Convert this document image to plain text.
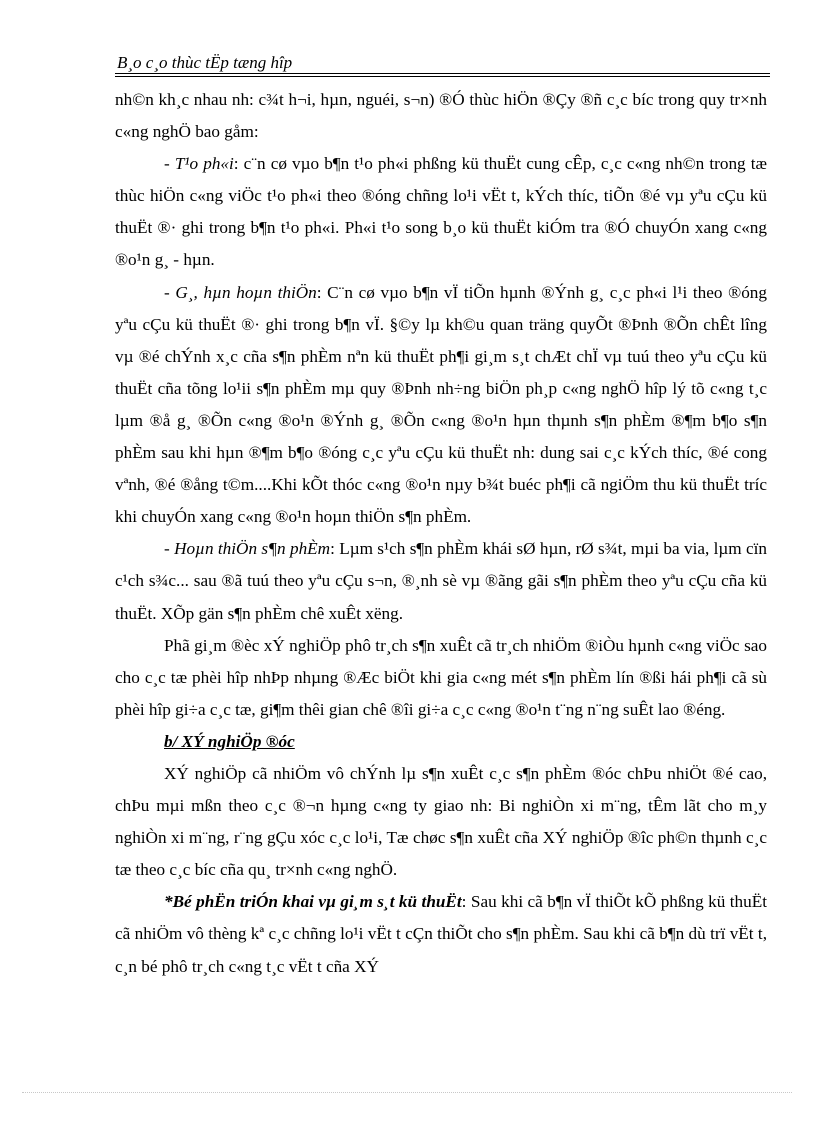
B¸o c¸o thùc tËp tæng hîp

nh©n kh¸c nhau nh: c¾t h¬i, hµn, nguéi, s¬n) ®Ó thùc hiÖn ®Çy ®ñ c¸c bíc trong quy tr×nh c«ng nghÖ bao gåm:

- T¹o ph«i: c¨n cø vµo b¶n t¹o ph«i phßng kü thuËt cung cÊp, c¸c c«ng nh©n trong tæ thùc hiÖn c«ng viÖc t¹o ph«i theo ®óng chñng lo¹i vËt t, kÝch thíc, tiÕn ®é vµ yªu cÇu kü thuËt ®· ghi trong b¶n t¹o ph«i. Ph«i t¹o song b¸o kü thuËt kiÓm tra ®Ó chuyÓn xang c«ng ®o¹n g¸ - hµn.

- G¸, hµn hoµn thiÖn: C¨n cø vµo b¶n vÏ tiÕn hµnh ®Ýnh g¸ c¸c ph«i l¹i theo ®óng yªu cÇu kü thuËt ®· ghi trong b¶n vÏ. §©y lµ kh©u quan träng quyÕt ®Þnh ®Õn chÊt lîng vµ ®é chÝnh x¸c cña s¶n phÈm nªn kü thuËt ph¶i gi¸m s¸t chÆt chÏ vµ tuú theo yªu cÇu kü thuËt cña tõng lo¹ii s¶n phÈm mµ quy ®Þnh nh÷ng biÖn ph¸p c«ng nghÖ hîp lý tõ c«ng t¸c lµm ®å g¸ ®Õn c«ng ®o¹n ®Ýnh g¸ ®Õn c«ng ®o¹n hµn thµnh s¶n phÈm ®¶m b¶o s¶n phÈm sau khi hµn ®¶m b¶o ®óng c¸c yªu cÇu kü thuËt nh: dung sai c¸c kÝch thíc, ®é cong vªnh, ®é ®ång t©m....Khi kÕt thóc c«ng ®o¹n nµy b¾t buéc ph¶i cã ngiÖm thu kü thuËt tríc khi chuyÓn xang c«ng ®o¹n hoµn thiÖn s¶n phÈm.

- Hoµn thiÖn s¶n phÈm: Lµm s¹ch s¶n phÈm khái sØ hµn, rØ s¾t, mµi ba via, lµm cïn c¹ch s¾c... sau ®ã tuú theo yªu cÇu s¬n, ®¸nh sè vµ ®ãng gãi s¶n phÈm theo yªu cÇu cña kü thuËt. XÕp gän s¶n phÈm chê xuÊt xëng.

Phã gi¸m ®èc xÝ nghiÖp phô tr¸ch s¶n xuÊt cã tr¸ch nhiÖm ®iÒu hµnh c«ng viÖc sao cho c¸c tæ phèi hîp nhÞp nhµng ®Æc biÖt khi gia c«ng mét s¶n phÈm lín ®ßi hái ph¶i cã sù phèi hîp gi÷a c¸c tæ, gi¶m thêi gian chê ®îi gi÷a c¸c c«ng ®o¹n t¨ng n¨ng suÊt lao ®éng.

b/ XÝ nghiÖp ®óc

XÝ nghiÖp cã nhiÖm vô chÝnh lµ s¶n xuÊt c¸c s¶n phÈm ®óc chÞu nhiÖt ®é cao, chÞu mµi mßn theo c¸c ®¬n hµng c«ng ty giao nh: Bi nghiÒn xi m¨ng, tÊm lãt cho m¸y nghiÒn xi m¨ng, r¨ng gÇu xóc c¸c lo¹i, Tæ chøc s¶n xuÊt cña XÝ nghiÖp ®îc ph©n thµnh c¸c tæ theo c¸c bíc cña qu¸ tr×nh c«ng nghÖ.

*Bé phËn triÓn khai vµ gi¸m s¸t kü thuËt: Sau khi cã b¶n vÏ thiÕt kÕ phßng kü thuËt cã nhiÖm vô thèng kª c¸c chñng lo¹i vËt t cÇn thiÕt cho s¶n phÈm. Sau khi cã b¶n dù trï vËt t, c¸n bé phô tr¸ch c«ng t¸c vËt t cña XÝ
